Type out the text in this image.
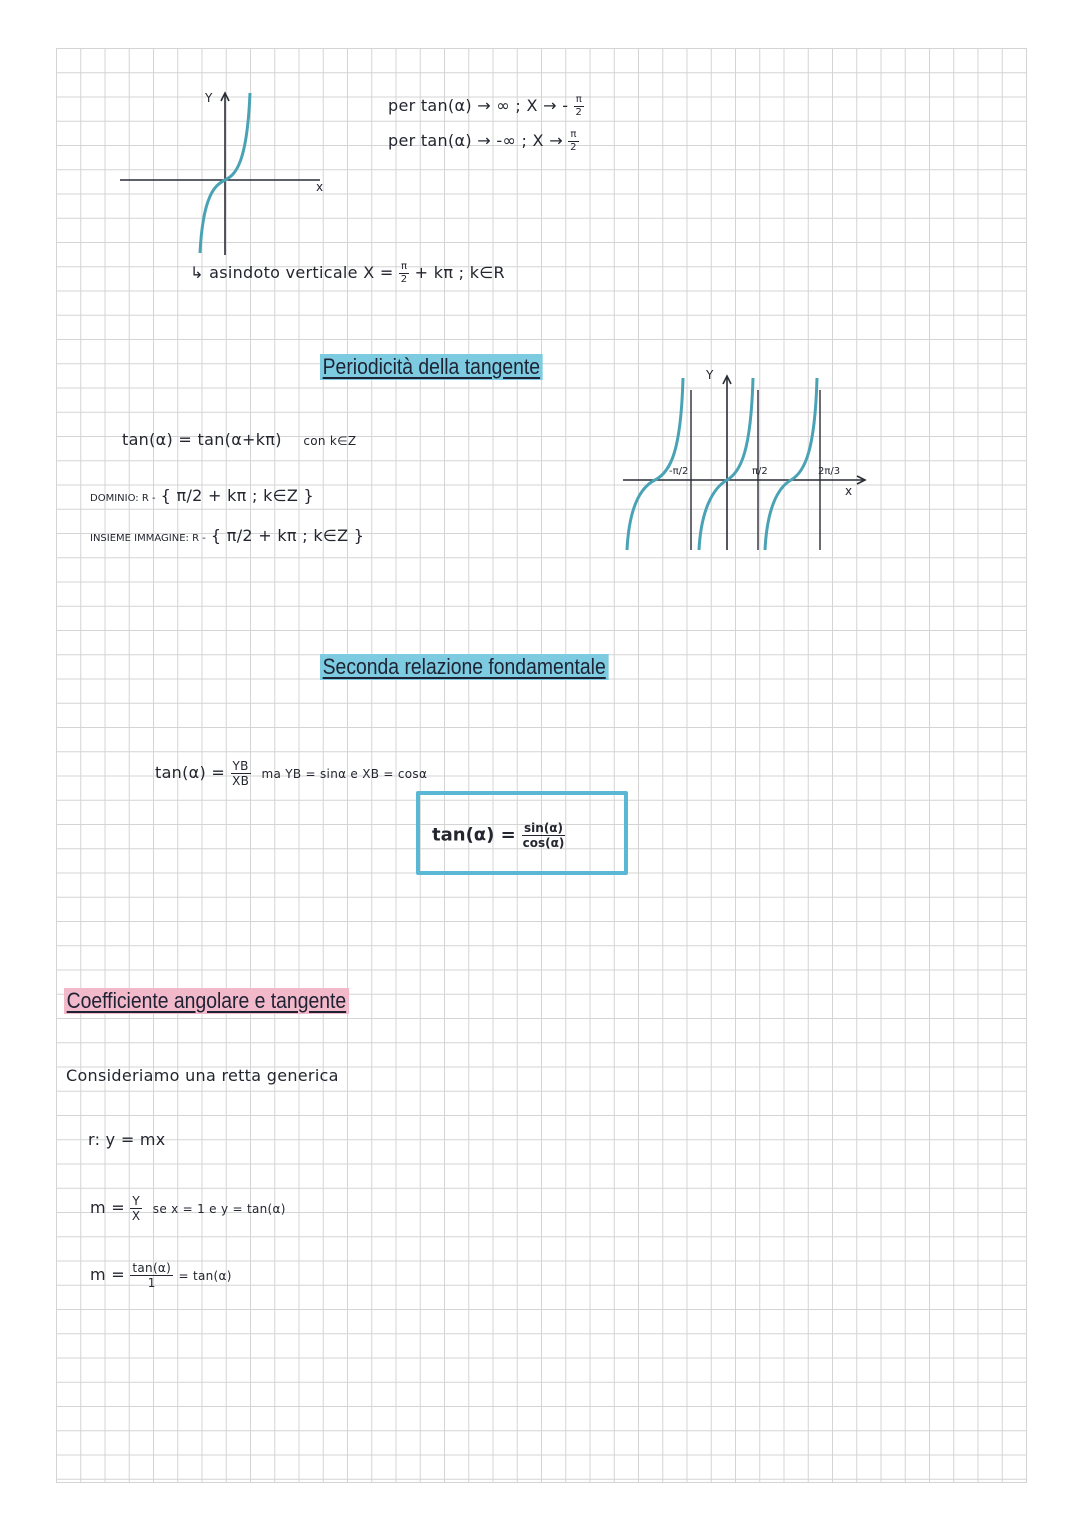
Y
x
per tan(α) → ∞ ; X → - $\frac{\pi}{2}$
per tan(α) → -∞ ; $X \to \frac{\pi}{2}$
↳ asindoto verticale $X = \frac{\pi}{2} + k\pi$ ; k∈R
Periodicità della tangente
tan(α) = tan(α+kπ) con k∈Z
DOMINIO: R - { π/2 + kπ ; k∈Z }
INSIEME IMMAGINE: R - { π/2 + kπ ; k∈Z }
Y
x
-π/2	π/2	2π/3
Seconda relazione fondamentale
$\tan(\alpha) = \frac{YB}{XB}$ ma YB = sinα e XB = cosα
$\tan(\alpha) = \frac{\sin(\alpha)}{\cos(\alpha)}$
Coefficiente angolare e tangente
Consideriamo una retta generica
r: y = mx
$m = \frac{Y}{X}$ se x = 1 e y = tan(α)
$m = \frac{\tan(\alpha)}{1} = \tan(\alpha)$
